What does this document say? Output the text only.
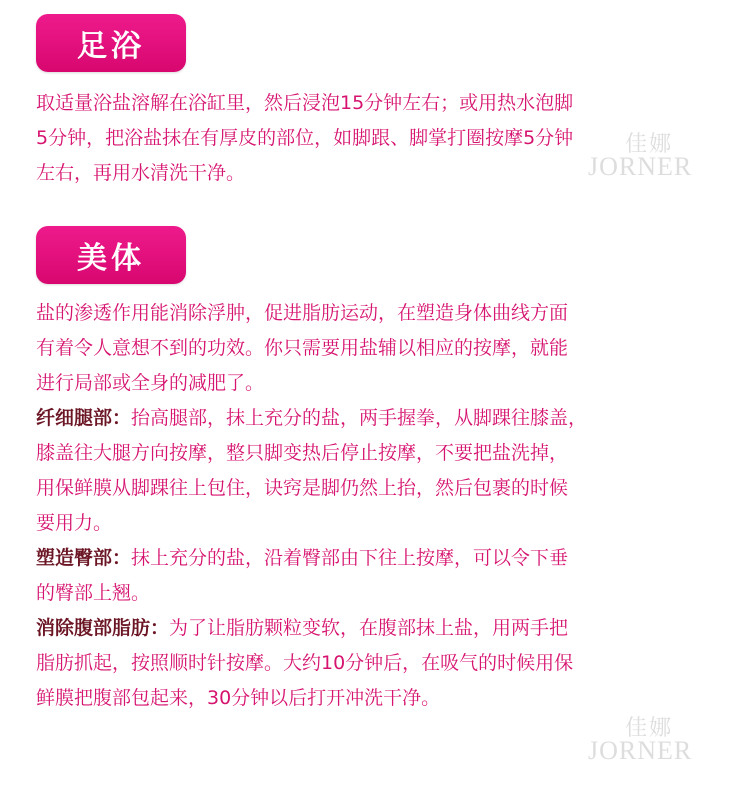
足浴
取适量浴盐溶解在浴缸里，然后浸泡15分钟左右；或用热水泡脚
5分钟，把浴盐抹在有厚皮的部位，如脚跟、脚掌打圈按摩5分钟
左右，再用水清洗干净。
佳娜
JORNER
美体
盐的渗透作用能消除浮肿，促进脂肪运动，在塑造身体曲线方面
有着令人意想不到的功效。你只需要用盐辅以相应的按摩，就能
进行局部或全身的减肥了。
纤细腿部：抬高腿部，抹上充分的盐，两手握拳，从脚踝往膝盖，
膝盖往大腿方向按摩，整只脚变热后停止按摩，不要把盐洗掉，
用保鲜膜从脚踝往上包住，诀窍是脚仍然上抬，然后包裹的时候
要用力。
塑造臀部：抹上充分的盐，沿着臀部由下往上按摩，可以令下垂
的臀部上翘。
消除腹部脂肪：为了让脂肪颗粒变软，在腹部抹上盐，用两手把
脂肪抓起，按照顺时针按摩。大约10分钟后，在吸气的时候用保
鲜膜把腹部包起来，30分钟以后打开冲洗干净。
佳娜
JORNER
